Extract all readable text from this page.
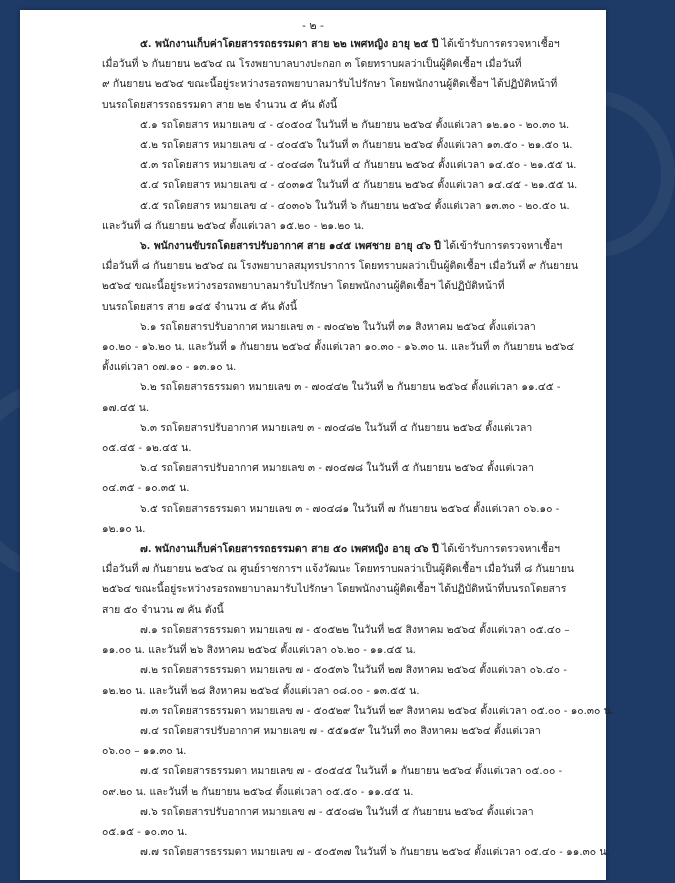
- ๒ -
๕. พนักงานเก็บค่าโดยสารรถธรรมดา สาย ๒๒ เพศหญิง อายุ ๒๕ ปี ได้เข้ารับการตรวจหาเชื้อฯ
เมื่อวันที่ ๖ กันยายน ๒๕๖๔ ณ โรงพยาบาลบางปะกอก ๓ โดยทราบผลว่าเป็นผู้ติดเชื้อฯ เมื่อวันที่
๙ กันยายน ๒๕๖๔ ขณะนี้อยู่ระหว่างรอรถพยาบาลมารับไปรักษา โดยพนักงานผู้ติดเชื้อฯ ได้ปฏิบัติหน้าที่
บนรถโดยสารรถธรรมดา สาย ๒๒ จำนวน ๕ คัน ดังนี้
๕.๑ รถโดยสาร หมายเลข ๔ - ๔๐๕๐๔ ในวันที่ ๒ กันยายน ๒๕๖๔ ตั้งแต่เวลา ๑๒.๑๐ - ๒๐.๓๐ น.
๕.๒ รถโดยสาร หมายเลข ๔ - ๔๐๔๕๖ ในวันที่ ๓ กันยายน ๒๕๖๔ ตั้งแต่เวลา ๑๓.๕๐ - ๒๑.๕๐ น.
๕.๓ รถโดยสาร หมายเลข ๔ - ๔๐๔๘๓ ในวันที่ ๔ กันยายน ๒๕๖๔ ตั้งแต่เวลา ๑๔.๕๐ - ๒๑.๕๕ น.
๕.๔ รถโดยสาร หมายเลข ๔ - ๔๐๓๑๕ ในวันที่ ๕ กันยายน ๒๕๖๔ ตั้งแต่เวลา ๑๔.๔๕ - ๒๑.๕๕ น.
๕.๕ รถโดยสาร หมายเลข ๔ - ๔๐๓๐๖ ในวันที่ ๖ กันยายน ๒๕๖๔ ตั้งแต่เวลา ๑๓.๓๐ - ๒๐.๕๐ น.
และวันที่ ๘ กันยายน ๒๕๖๔ ตั้งแต่เวลา ๑๕.๒๐ - ๒๑.๒๐ น.
๖. พนักงานขับรถโดยสารปรับอากาศ สาย ๑๔๕ เพศชาย อายุ ๔๖ ปี ได้เข้ารับการตรวจหาเชื้อฯ
เมื่อวันที่ ๘ กันยายน ๒๕๖๔ ณ โรงพยาบาลสมุทรปราการ โดยทราบผลว่าเป็นผู้ติดเชื้อฯ เมื่อวันที่ ๙ กันยายน
๒๕๖๔ ขณะนี้อยู่ระหว่างรอรถพยาบาลมารับไปรักษา โดยพนักงานผู้ติดเชื้อฯ ได้ปฏิบัติหน้าที่
บนรถโดยสาร สาย ๑๔๕ จำนวน ๕ คัน ดังนี้
๖.๑ รถโดยสารปรับอากาศ หมายเลข ๓ - ๗๐๔๒๒ ในวันที่ ๓๑ สิงหาคม ๒๕๖๔ ตั้งแต่เวลา
๑๐.๒๐ - ๑๖.๒๐ น. และวันที่ ๑ กันยายน ๒๕๖๔ ตั้งแต่เวลา ๑๐.๓๐ - ๑๖.๓๐ น. และวันที่ ๓ กันยายน ๒๕๖๔
ตั้งแต่เวลา ๐๗.๑๐ - ๑๓.๑๐ น.
๖.๒ รถโดยสารธรรมดา หมายเลข ๓ - ๗๐๔๔๒ ในวันที่ ๒ กันยายน ๒๕๖๔ ตั้งแต่เวลา ๑๑.๔๕ -
๑๗.๔๕ น.
๖.๓ รถโดยสารปรับอากาศ หมายเลข ๓ - ๗๐๔๘๒ ในวันที่ ๔ กันยายน ๒๕๖๔ ตั้งแต่เวลา
๐๕.๔๕ - ๑๒.๔๕ น.
๖.๔ รถโดยสารปรับอากาศ หมายเลข ๓ - ๗๐๔๗๘ ในวันที่ ๕ กันยายน ๒๕๖๔ ตั้งแต่เวลา
๐๔.๓๕ - ๑๐.๓๕ น.
๖.๕ รถโดยสารธรรมดา หมายเลข ๓ - ๗๐๔๘๑ ในวันที่ ๗ กันยายน ๒๕๖๔ ตั้งแต่เวลา ๐๖.๑๐ -
๑๒.๑๐ น.
๗. พนักงานเก็บค่าโดยสารรถธรรมดา สาย ๕๐ เพศหญิง อายุ ๔๖ ปี ได้เข้ารับการตรวจหาเชื้อฯ
เมื่อวันที่ ๗ กันยายน ๒๕๖๔ ณ ศูนย์ราชการฯ แจ้งวัฒนะ โดยทราบผลว่าเป็นผู้ติดเชื้อฯ เมื่อวันที่ ๘ กันยายน
๒๕๖๔ ขณะนี้อยู่ระหว่างรอรถพยาบาลมารับไปรักษา โดยพนักงานผู้ติดเชื้อฯ ได้ปฏิบัติหน้าที่บนรถโดยสาร
สาย ๕๐ จำนวน ๗ คัน ดังนี้
๗.๑ รถโดยสารธรรมดา หมายเลข ๗ - ๕๐๕๒๒ ในวันที่ ๒๕ สิงหาคม ๒๕๖๔ ตั้งแต่เวลา ๐๕.๔๐ –
๑๑.๐๐ น. และวันที่ ๒๖ สิงหาคม ๒๕๖๔ ตั้งแต่เวลา ๐๖.๒๐ - ๑๑.๔๕ น.
๗.๒ รถโดยสารธรรมดา หมายเลข ๗ - ๕๐๕๓๖ ในวันที่ ๒๗ สิงหาคม ๒๕๖๔ ตั้งแต่เวลา ๐๖.๔๐ -
๑๒.๒๐ น. และวันที่ ๒๘ สิงหาคม ๒๕๖๔ ตั้งแต่เวลา ๐๘.๐๐ - ๑๓.๕๕ น.
๗.๓ รถโดยสารธรรมดา หมายเลข ๗ - ๕๐๕๒๙ ในวันที่ ๒๙ สิงหาคม ๒๕๖๔ ตั้งแต่เวลา ๐๕.๐๐ - ๑๐.๓๐ น.
๗.๔ รถโดยสารปรับอากาศ หมายเลข ๗ - ๕๕๑๕๙ ในวันที่ ๓๐ สิงหาคม ๒๕๖๔ ตั้งแต่เวลา
๐๖.๐๐ – ๑๑.๓๐ น.
๗.๕ รถโดยสารธรรมดา หมายเลข ๗ - ๕๐๕๔๕ ในวันที่ ๑ กันยายน ๒๕๖๔ ตั้งแต่เวลา ๐๕.๐๐ -
๐๙.๒๐ น. และวันที่ ๒ กันยายน ๒๕๖๔ ตั้งแต่เวลา ๐๕.๕๐ - ๑๑.๔๕ น.
๗.๖ รถโดยสารปรับอากาศ หมายเลข ๗ - ๕๕๐๘๒ ในวันที่ ๕ กันยายน ๒๕๖๔ ตั้งแต่เวลา
๐๕.๑๕ - ๑๐.๓๐ น.
๗.๗ รถโดยสารธรรมดา หมายเลข ๗ - ๕๐๕๓๗ ในวันที่ ๖ กันยายน ๒๕๖๔ ตั้งแต่เวลา ๐๕.๔๐ - ๑๑.๓๐ น.
